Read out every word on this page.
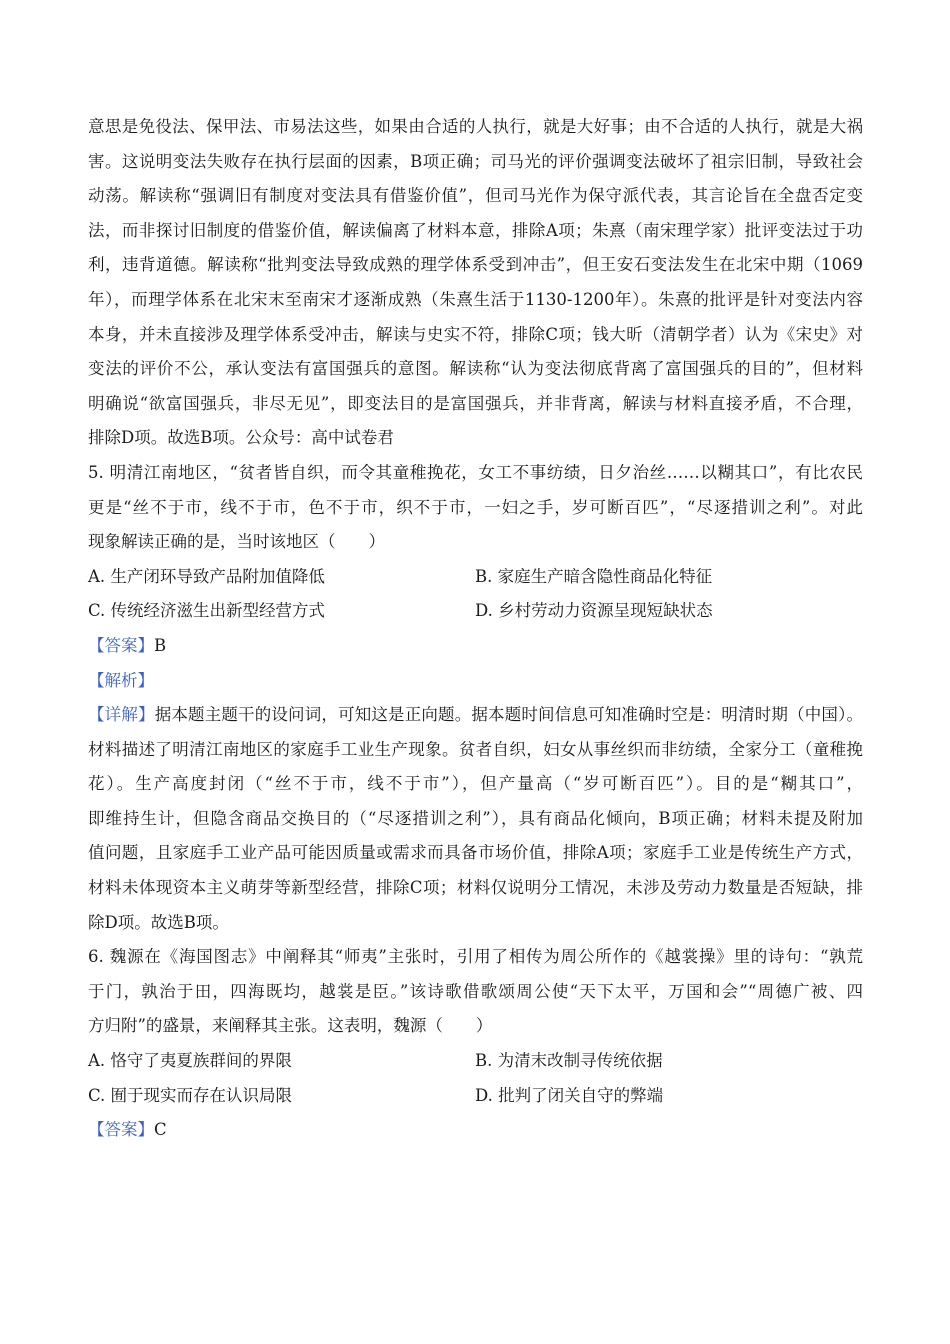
意思是免役法、保甲法、市易法这些，如果由合适的人执行，就是大好事；由不合适的人执行，就是大祸
害。这说明变法失败存在执行层面的因素，B项正确；司马光的评价强调变法破坏了祖宗旧制，导致社会
动荡。解读称“强调旧有制度对变法具有借鉴价值”，但司马光作为保守派代表，其言论旨在全盘否定变
法，而非探讨旧制度的借鉴价值，解读偏离了材料本意，排除A项；朱熹（南宋理学家）批评变法过于功
利，违背道德。解读称“批判变法导致成熟的理学体系受到冲击”，但王安石变法发生在北宋中期（1069
年），而理学体系在北宋末至南宋才逐渐成熟（朱熹生活于1130-1200年）。朱熹的批评是针对变法内容
本身，并未直接涉及理学体系受冲击，解读与史实不符，排除C项；钱大昕（清朝学者）认为《宋史》对
变法的评价不公，承认变法有富国强兵的意图。解读称“认为变法彻底背离了富国强兵的目的”，但材料
明确说“欲富国强兵，非尽无见”，即变法目的是富国强兵，并非背离，解读与材料直接矛盾，不合理，
排除D项。故选B项。公众号：高中试卷君
5. 明清江南地区，“贫者皆自织，而令其童稚挽花，女工不事纺绩，日夕治丝……以糊其口”，有比农民
更是“丝不于市，线不于市，色不于市，织不于市，一妇之手，岁可断百匹”，“尽逐措训之利”。对此
现象解读正确的是，当时该地区（　　）
A. 生产闭环导致产品附加值降低	B. 家庭生产暗含隐性商品化特征
C. 传统经济滋生出新型经营方式	D. 乡村劳动力资源呈现短缺状态
【答案】B
【解析】
【详解】据本题主题干的设问词，可知这是正向题。据本题时间信息可知准确时空是：明清时期（中国）。
材料描述了明清江南地区的家庭手工业生产现象。贫者自织，妇女从事丝织而非纺绩，全家分工（童稚挽
花）。生产高度封闭（“丝不于市，线不于市”），但产量高（“岁可断百匹”）。目的是“糊其口”，
即维持生计，但隐含商品交换目的（“尽逐措训之利”），具有商品化倾向，B项正确；材料未提及附加
值问题，且家庭手工业产品可能因质量或需求而具备市场价值，排除A项；家庭手工业是传统生产方式，
材料未体现资本主义萌芽等新型经营，排除C项；材料仅说明分工情况，未涉及劳动力数量是否短缺，排
除D项。故选B项。
6. 魏源在《海国图志》中阐释其“师夷”主张时，引用了相传为周公所作的《越裳操》里的诗句：“孰荒
于门，孰治于田，四海既均，越裳是臣。”该诗歌借歌颂周公使“天下太平，万国和会”“周德广被、四
方归附”的盛景，来阐释其主张。这表明，魏源（　　）
A. 恪守了夷夏族群间的界限	B. 为清末改制寻传统依据
C. 囿于现实而存在认识局限	D. 批判了闭关自守的弊端
【答案】C
